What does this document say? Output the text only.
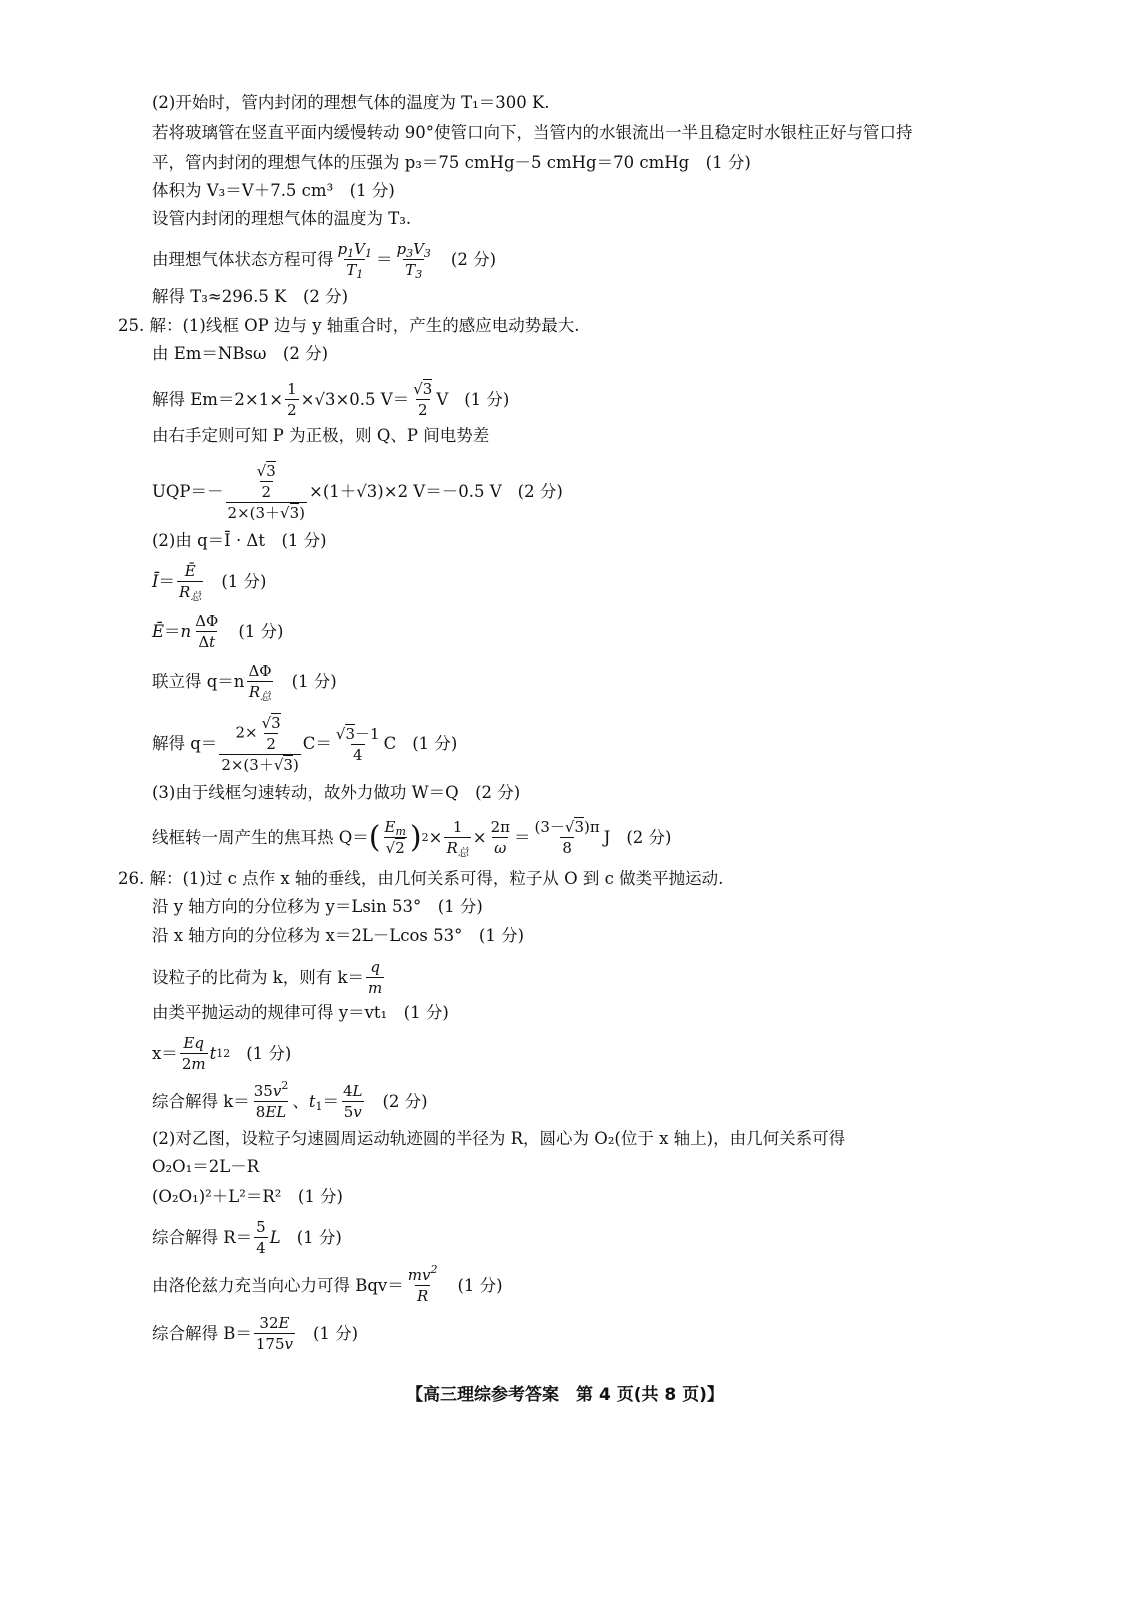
(2)开始时，管内封闭的理想气体的温度为 T₁＝300 K.
若将玻璃管在竖直平面内缓慢转动 90°使管口向下，当管内的水银流出一半且稳定时水银柱正好与管口持
平，管内封闭的理想气体的压强为 p₃＝75 cmHg－5 cmHg＝70 cmHg　(1 分)
体积为 V₃＝V＋7.5 cm³　(1 分)
设管内封闭的理想气体的温度为 T₃.
由理想气体状态方程可得 $\frac{p_1V_1}{T_1} = \frac{p_3V_3}{T_3} (2$ 分)
解得 T₃≈296.5 K　(2 分)
25. 解：(1)线框 OP 边与 y 轴重合时，产生的感应电动势最大.
由 Em＝NBsω　(2 分)
解得 $Em=2\times 1\times \frac{1}{2} \times√3\times 0.5$ $V= \frac{√3}{2}$ V (1 分)
由右手定则可知 P 为正极，则 Q、P 间电势差
$UQP=- \frac{\frac{√3}{2}}{2\times(3+√3)} \times(1+√3)\times 2$ V＝－0.5 V (2 分)
(2)由 q＝Ī · Δt　(1 分)
Ī ＝ $\frac{Ē}{R_总} (1$ 分)
Ē $=n \frac{\Delta\Phi}{\Delta t} (1$ 分)
联立得 $q=n \frac{\Delta\Phi}{R_总} (1$ 分)
解得 $q= \frac{2\times \frac{√3}{2}}{2\times(3+√3)} C= \frac{√3-1}{4}$ C (1 分)
(3)由于线框匀速转动，故外力做功 W＝Q　(2 分)
线框转一周产生的焦耳热 Q＝ ( $\frac{E_m}{√2}$ ) $2 \times \frac{1}{R_总} \times \frac{2\pi}{\omega} = \frac{(3-√3)\pi}{8}$ J (2 分)
26. 解：(1)过 c 点作 x 轴的垂线，由几何关系可得，粒子从 O 到 c 做类平抛运动.
沿 y 轴方向的分位移为 y＝Lsin 53°　(1 分)
沿 x 轴方向的分位移为 x＝2L－Lcos 53°　(1 分)
设粒子的比荷为 k，则有 $k= \frac{q}{m}$
由类平抛运动的规律可得 y＝vt₁　(1 分)
$x= \frac{Eq}{2m}$ t 1 2 (1 分)
综合解得 $k= \frac{35v^2}{8EL}$ 、$t_1= \frac{4L}{5v} (2$ 分)
(2)对乙图，设粒子匀速圆周运动轨迹圆的半径为 R，圆心为 O₂(位于 x 轴上)，由几何关系可得
O₂O₁＝2L－R
(O₂O₁)²＋L²＝R²　(1 分)
综合解得 $R= \frac{5}{4}$ L (1 分)
由洛伦兹力充当向心力可得 $Bqv= \frac{mv^2}{R} (1$ 分)
综合解得 $B= \frac{32E}{175v} (1$ 分)
【高三理综参考答案　第 4 页(共 8 页)】
